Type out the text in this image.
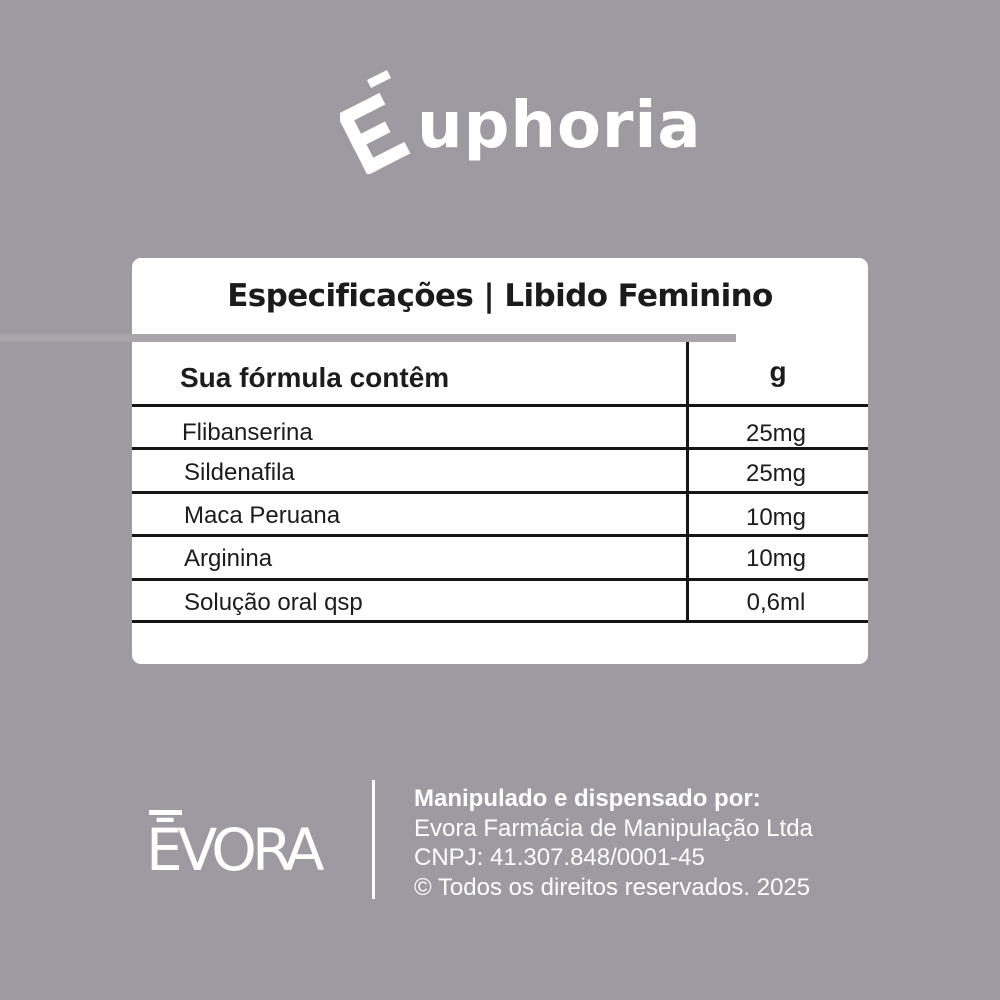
uphoria
Especificações | Libido Feminino
Sua fórmula contêm	g
Flibanserina	25mg
Sildenafila	25mg
Maca Peruana	10mg
Arginina	10mg
Solução oral qsp	0,6ml
ĒVORA
Manipulado e dispensado por:
Evora Farmácia de Manipulação Ltda
CNPJ: 41.307.848/0001-45
© Todos os direitos reservados. 2025
